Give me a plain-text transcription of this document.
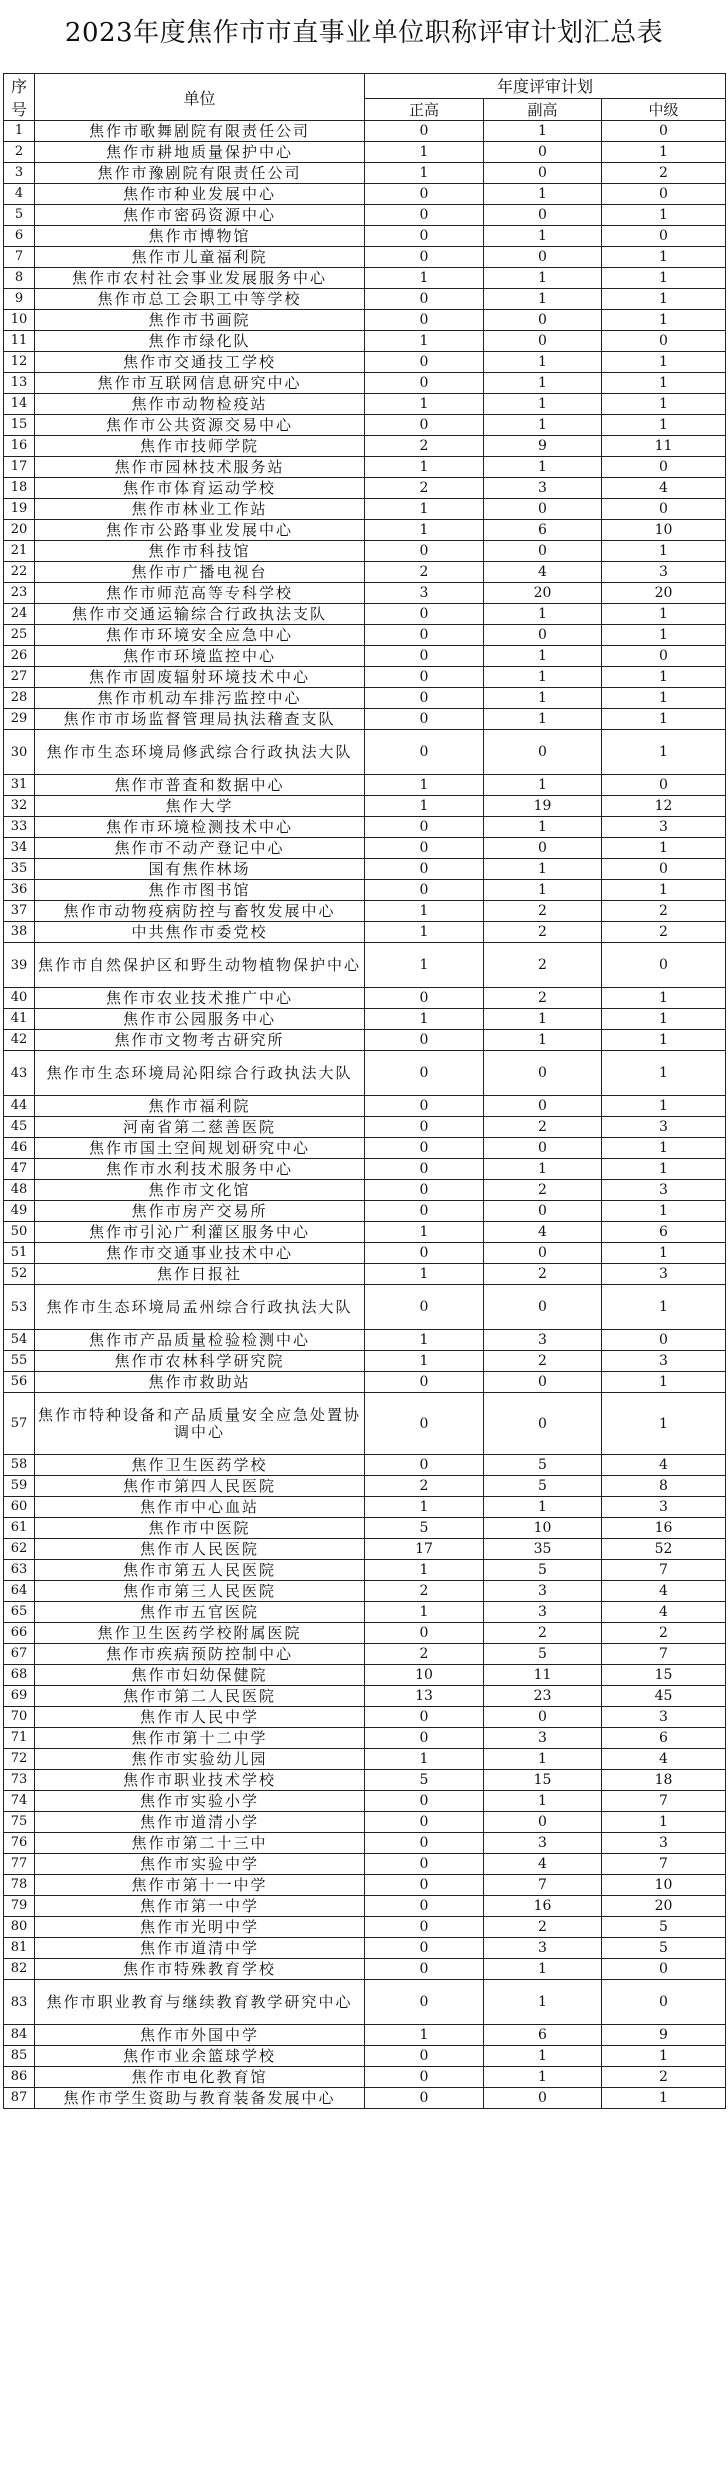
2023年度焦作市市直事业单位职称评审计划汇总表
序号	单位	年度评审计划		
		正高	副高	中级
1	焦作市歌舞剧院有限责任公司	0	1	0
2	焦作市耕地质量保护中心	1	0	1
3	焦作市豫剧院有限责任公司	1	0	2
4	焦作市种业发展中心	0	1	0
5	焦作市密码资源中心	0	0	1
6	焦作市博物馆	0	1	0
7	焦作市儿童福利院	0	0	1
8	焦作市农村社会事业发展服务中心	1	1	1
9	焦作市总工会职工中等学校	0	1	1
10	焦作市书画院	0	0	1
11	焦作市绿化队	1	0	0
12	焦作市交通技工学校	0	1	1
13	焦作市互联网信息研究中心	0	1	1
14	焦作市动物检疫站	1	1	1
15	焦作市公共资源交易中心	0	1	1
16	焦作市技师学院	2	9	11
17	焦作市园林技术服务站	1	1	0
18	焦作市体育运动学校	2	3	4
19	焦作市林业工作站	1	0	0
20	焦作市公路事业发展中心	1	6	10
21	焦作市科技馆	0	0	1
22	焦作市广播电视台	2	4	3
23	焦作市师范高等专科学校	3	20	20
24	焦作市交通运输综合行政执法支队	0	1	1
25	焦作市环境安全应急中心	0	0	1
26	焦作市环境监控中心	0	1	0
27	焦作市固废辐射环境技术中心	0	1	1
28	焦作市机动车排污监控中心	0	1	1
29	焦作市市场监督管理局执法稽查支队	0	1	1
30	焦作市生态环境局修武综合行政执法大队	0	0	1
31	焦作市普査和数据中心	1	1	0
32	焦作大学	1	19	12
33	焦作市环境检测技术中心	0	1	3
34	焦作市不动产登记中心	0	0	1
35	国有焦作林场	0	1	0
36	焦作市图书馆	0	1	1
37	焦作市动物疫病防控与畜牧发展中心	1	2	2
38	中共焦作市委党校	1	2	2
39	焦作市自然保护区和野生动物植物保护中心	1	2	0
40	焦作市农业技术推广中心	0	2	1
41	焦作市公园服务中心	1	1	1
42	焦作市文物考古研究所	0	1	1
43	焦作市生态环境局沁阳综合行政执法大队	0	0	1
44	焦作市福利院	0	0	1
45	河南省第二慈善医院	0	2	3
46	焦作市国土空间规划研究中心	0	0	1
47	焦作市水利技术服务中心	0	1	1
48	焦作市文化馆	0	2	3
49	焦作市房产交易所	0	0	1
50	焦作市引沁广利灌区服务中心	1	4	6
51	焦作市交通事业技术中心	0	0	1
52	焦作日报社	1	2	3
53	焦作市生态环境局孟州综合行政执法大队	0	0	1
54	焦作市产品质量检验检测中心	1	3	0
55	焦作市农林科学研究院	1	2	3
56	焦作市救助站	0	0	1
57	焦作市特种设备和产品质量安全应急处置协调中心	0	0	1
58	焦作卫生医药学校	0	5	4
59	焦作市第四人民医院	2	5	8
60	焦作市中心血站	1	1	3
61	焦作市中医院	5	10	16
62	焦作市人民医院	17	35	52
63	焦作市第五人民医院	1	5	7
64	焦作市第三人民医院	2	3	4
65	焦作市五官医院	1	3	4
66	焦作卫生医药学校附属医院	0	2	2
67	焦作市疾病预防控制中心	2	5	7
68	焦作市妇幼保健院	10	11	15
69	焦作市第二人民医院	13	23	45
70	焦作市人民中学	0	0	3
71	焦作市第十二中学	0	3	6
72	焦作市实验幼儿园	1	1	4
73	焦作市职业技术学校	5	15	18
74	焦作市实验小学	0	1	7
75	焦作市道清小学	0	0	1
76	焦作市第二十三中	0	3	3
77	焦作市实验中学	0	4	7
78	焦作市第十一中学	0	7	10
79	焦作市第一中学	0	16	20
80	焦作市光明中学	0	2	5
81	焦作市道清中学	0	3	5
82	焦作市特殊教育学校	0	1	0
83	焦作市职业教育与继续教育教学研究中心	0	1	0
84	焦作市外国中学	1	6	9
85	焦作市业余篮球学校	0	1	1
86	焦作市电化教育馆	0	1	2
87	焦作市学生资助与教育装备发展中心	0	0	1
